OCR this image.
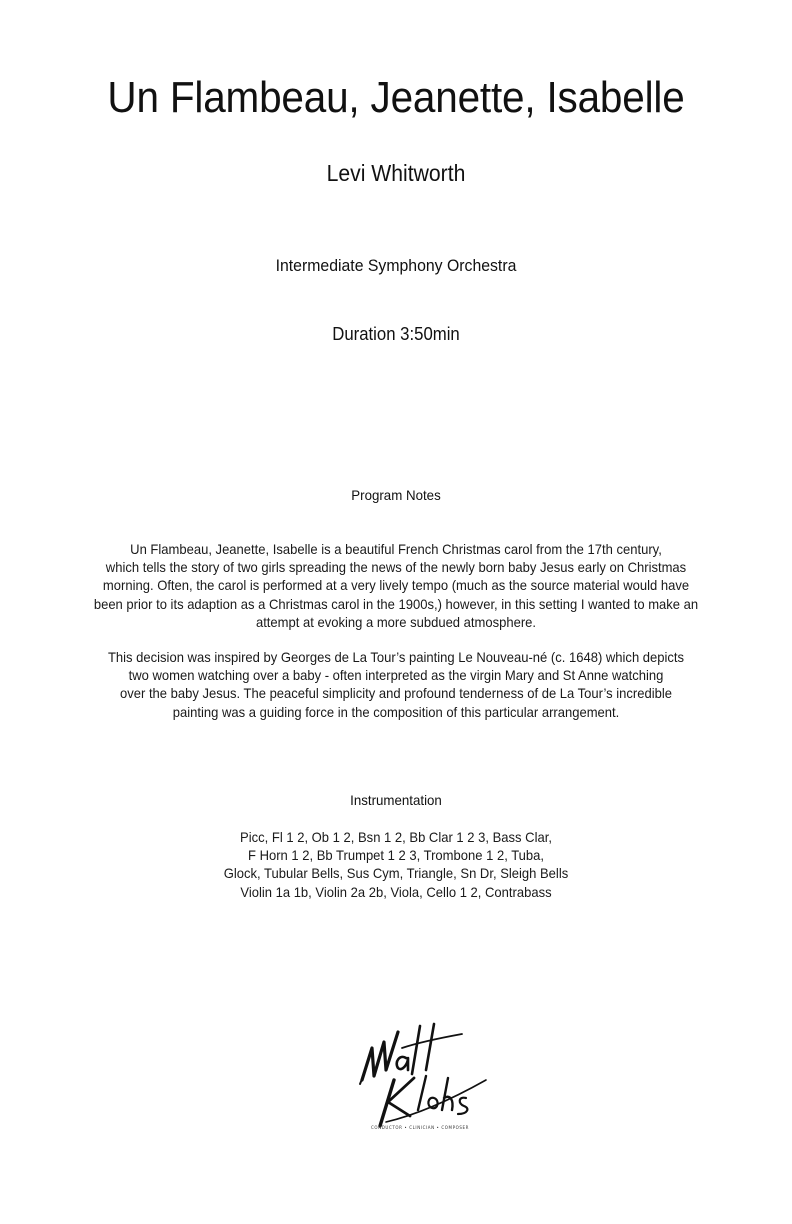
Un Flambeau, Jeanette, Isabelle
Levi Whitworth
Intermediate Symphony Orchestra
Duration 3:50min
Program Notes
Un Flambeau, Jeanette, Isabelle is a beautiful French Christmas carol from the 17th century,
which tells the story of two girls spreading the news of the newly born baby Jesus early on Christmas
morning. Often, the carol is performed at a very lively tempo (much as the source material would have
been prior to its adaption as a Christmas carol in the 1900s,) however, in this setting I wanted to make an
attempt at evoking a more subdued atmosphere.
This decision was inspired by Georges de La Tour’s painting Le Nouveau-né (c. 1648) which depicts
two women watching over a baby - often interpreted as the virgin Mary and St Anne watching
over the baby Jesus. The peaceful simplicity and profound tenderness of de La Tour’s incredible
painting was a guiding force in the composition of this particular arrangement.
Instrumentation
Picc, Fl 1 2, Ob 1 2, Bsn 1 2, Bb Clar 1 2 3, Bass Clar,
F Horn 1 2, Bb Trumpet 1 2 3, Trombone 1 2, Tuba,
Glock, Tubular Bells, Sus Cym, Triangle, Sn Dr, Sleigh Bells
Violin 1a 1b, Violin 2a 2b, Viola, Cello 1 2, Contrabass
CONDUCTOR • CLINICIAN • COMPOSER
